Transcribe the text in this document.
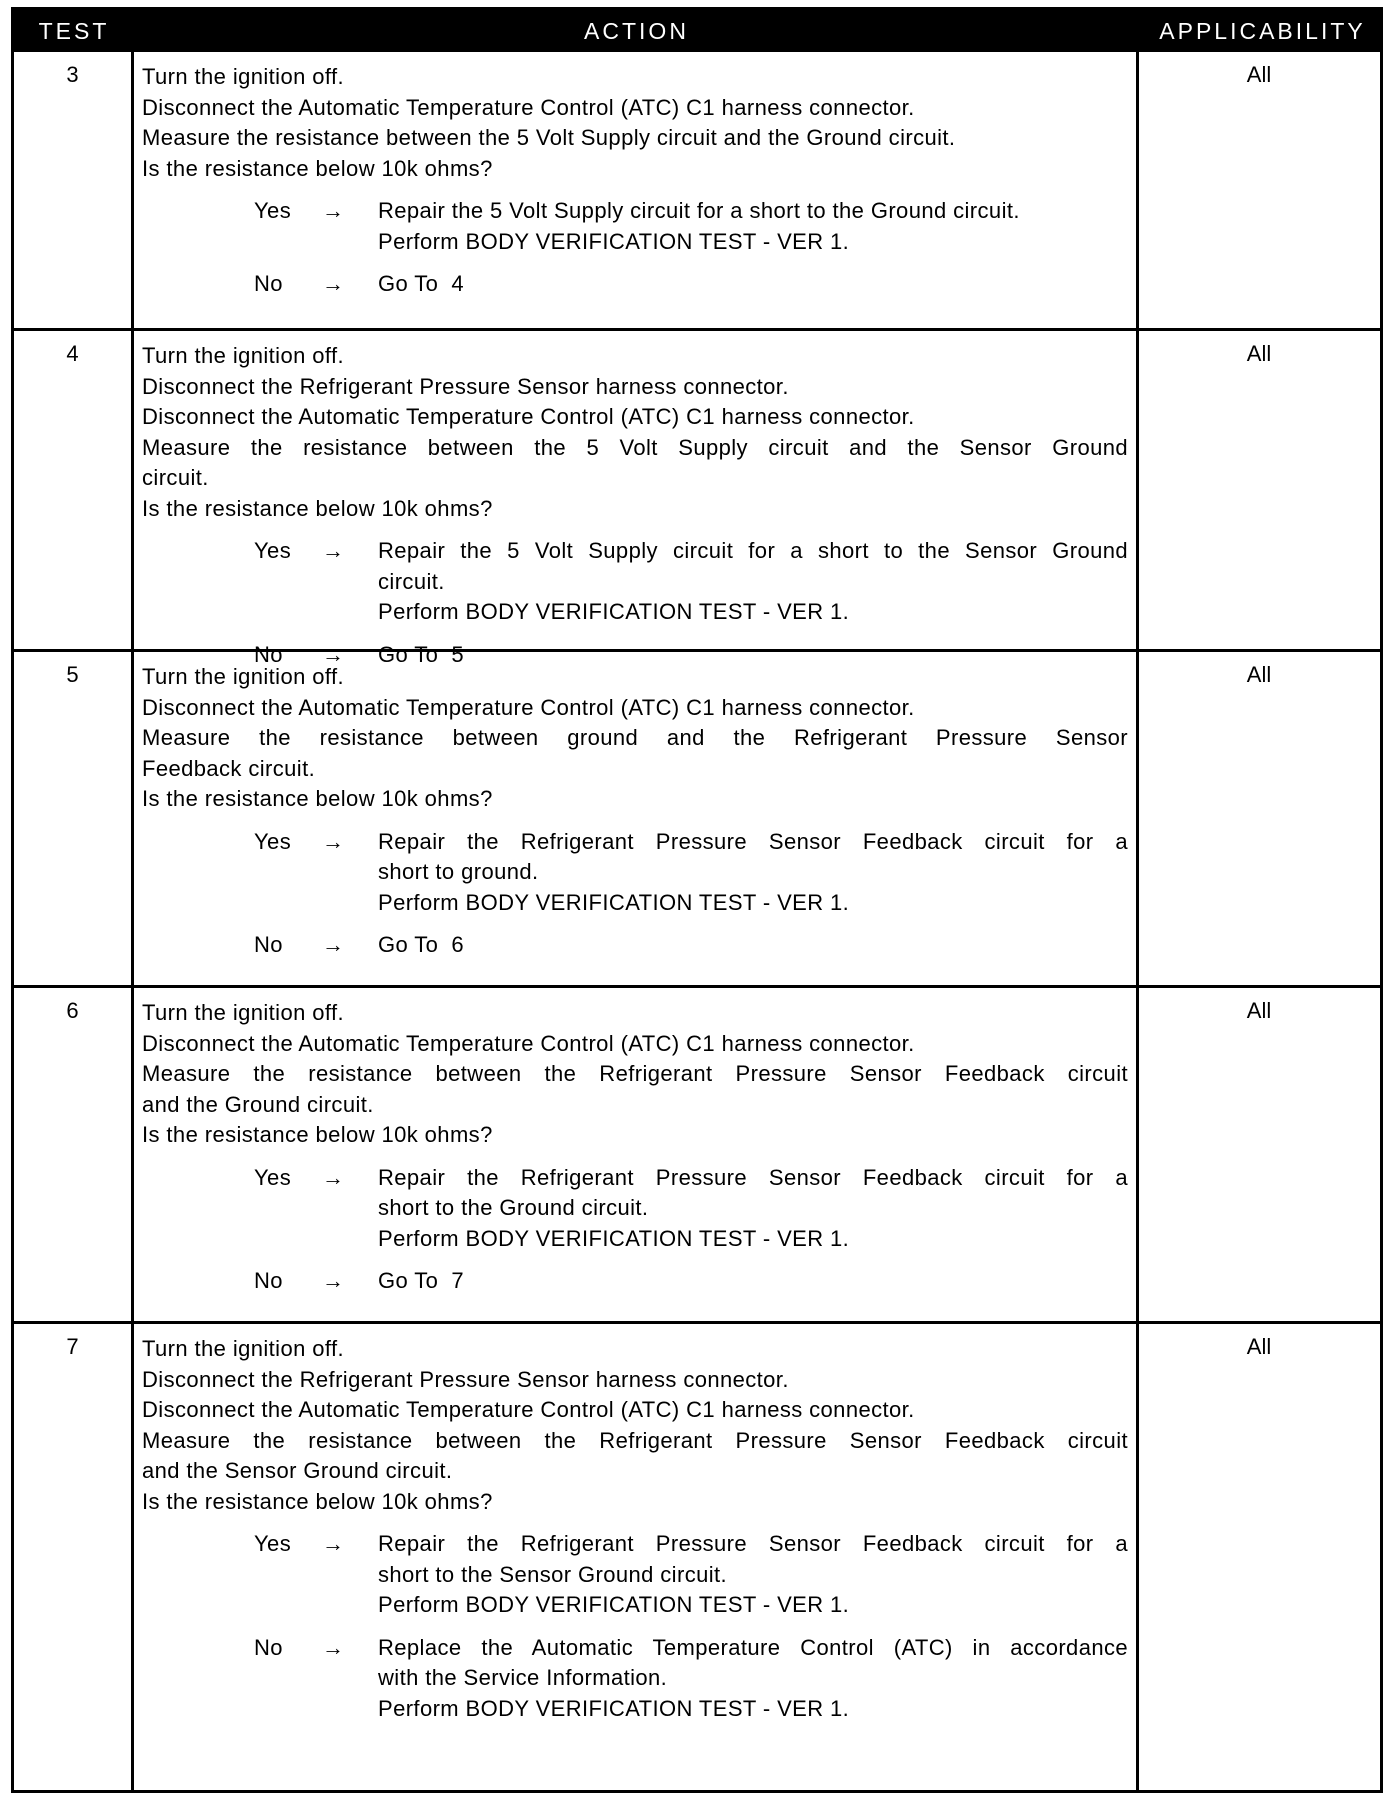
TEST	ACTION	APPLICABILITY
3	Turn the ignition off.
Disconnect the Automatic Temperature Control (ATC) C1 harness connector.
Measure the resistance between the 5 Volt Supply circuit and the Ground circuit.
Is the resistance below 10k ohms?
Yes → Repair the 5 Volt Supply circuit for a short to the Ground circuit.
Perform BODY VERIFICATION TEST - VER 1.
No → Go To  4
All
4	Turn the ignition off.
Disconnect the Refrigerant Pressure Sensor harness connector.
Disconnect the Automatic Temperature Control (ATC) C1 harness connector.
Measure the resistance between the 5 Volt Supply circuit and the Sensor Ground
circuit.
Is the resistance below 10k ohms?
Yes → Repair the 5 Volt Supply circuit for a short to the Sensor Ground
circuit.
Perform BODY VERIFICATION TEST - VER 1.
No → Go To  5
All
5	Turn the ignition off.
Disconnect the Automatic Temperature Control (ATC) C1 harness connector.
Measure the resistance between ground and the Refrigerant Pressure Sensor
Feedback circuit.
Is the resistance below 10k ohms?
Yes → Repair the Refrigerant Pressure Sensor Feedback circuit for a
short to ground.
Perform BODY VERIFICATION TEST - VER 1.
No → Go To  6
All
6	Turn the ignition off.
Disconnect the Automatic Temperature Control (ATC) C1 harness connector.
Measure the resistance between the Refrigerant Pressure Sensor Feedback circuit
and the Ground circuit.
Is the resistance below 10k ohms?
Yes → Repair the Refrigerant Pressure Sensor Feedback circuit for a
short to the Ground circuit.
Perform BODY VERIFICATION TEST - VER 1.
No → Go To  7
All
7	Turn the ignition off.
Disconnect the Refrigerant Pressure Sensor harness connector.
Disconnect the Automatic Temperature Control (ATC) C1 harness connector.
Measure the resistance between the Refrigerant Pressure Sensor Feedback circuit
and the Sensor Ground circuit.
Is the resistance below 10k ohms?
Yes → Repair the Refrigerant Pressure Sensor Feedback circuit for a
short to the Sensor Ground circuit.
Perform BODY VERIFICATION TEST - VER 1.
No → Replace the Automatic Temperature Control (ATC) in accordance
with the Service Information.
Perform BODY VERIFICATION TEST - VER 1.
All
